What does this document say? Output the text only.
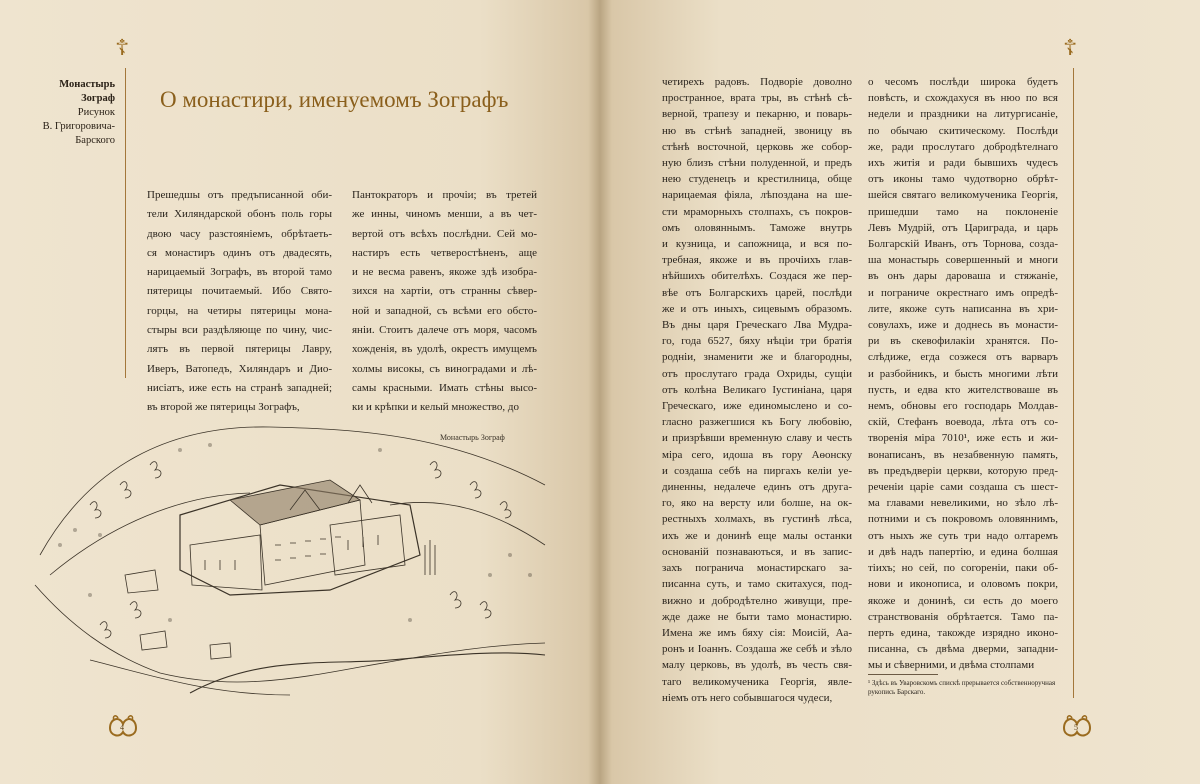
☦
Монастырь
Зограф
Рисунок
В. Григоровича-
Барского
О монастири, именуемомъ Зографъ
Прешедшы отъ предъписанной оби-
тели Хиляндарской обонъ поль горы
двою часу разстоянiемъ, обрѣтаеть-
ся монастиръ одинъ отъ двадесять,
нарицаемый Зографъ, въ второй тамо
пятерицы почитаемый. Ибо Свято-
горцы, на четиры пятерицы мона-
стыры вси раздѣляюще по чину, чис-
лятъ въ первой пятерицы Лавру,
Иверъ, Ватопедъ, Хиляндаръ и Дио-
нисiатъ, иже есть на странѣ западней;
въ второй же пятерицы Зографъ,
Пантократоръ и прочiи; въ третей
же инны, чиномъ менши, а въ чет-
вертой отъ всѣхъ послѣдни. Сей мо-
настиръ есть четверостѣненъ, аще
и не весма равенъ, якоже здѣ изобра-
зихся на хартiи, отъ странны сѣвер-
ной и западной, съ всѣми его обсто-
янiи. Стоитъ далече отъ моря, часомъ
хожденiя, въ удолѣ, окрестъ имущемъ
холмы високы, съ виноградами и лѣ-
самы красными. Имать стѣны высо-
ки и крѣпки и келый множество, до
Монастырь Зограф
4
☦
четирехъ радовъ. Подворiе доволно
пространное, врата тры, въ стѣнѣ сѣ-
верной, трапезу и пекарню, и поварь-
ню въ стѣнѣ западней, звоницу въ
стѣнѣ восточной, церковь же собор-
ную близъ стѣни полуденной, и предъ
нею студенецъ и крестилница, обще
нарицаемая фiяла, лѣпоздана на ше-
сти мраморныхъ столпахъ, съ покров-
омъ оловяннымъ. Таможе внутрь
и кузница, и сапожница, и вся по-
требная, якоже и въ прочiихъ глав-
нѣйшихъ обителѣхъ. Создася же пер-
вѣе отъ Болгарскихъ царей, послѣди
же и отъ иныхъ, сицевымъ образомъ.
Въ дны царя Греческаго Лва Мудра-
го, года 6527, бяху нѣцiи три братiя
роднiи, знаменити же и благородны,
отъ прослутаго града Охриды, сущiи
отъ колѣна Великаго Iустинiана, царя
Греческаго, иже единомыслено и со-
гласно разжегшися къ Богу любовiю,
и призрѣвши временную славу и честь
мiра сего, идоша въ гору Аѳонску
и создаша себѣ на пиргахъ келiи уе-
диненны, недалече единъ отъ друга-
го, яко на версту или болше, на ок-
рестныхъ холмахъ, въ густинѣ лѣса,
ихъ же и донинѣ еще малы останки
основанiй познаваються, и въ запис-
захъ погранича монастирскаго за-
писанна суть, и тамо скитахуся, под-
вижно и добродѣтелно живущи, пре-
жде даже не быти тамо монастирю.
Имена же имъ бяху сiя: Моисiй, Аа-
ронъ и Iоаннъ. Создаша же себѣ и зѣло
малу церковь, въ удолѣ, въ честь свя-
таго великомученика Георгiя, явле-
нiемъ отъ него собывшагося чудеси,
о чесомъ послѣди широка будетъ
повѣсть, и схождахуся въ нюо по вся
недели и праздники на литургисанiе,
по обычаю скитическому. Послѣди
же, ради прослутаго добродѣтелнаго
ихъ житiя и ради бывшихъ чудесъ
отъ иконы тамо чудотворно обрѣт-
шейся святаго великомученика Георгiя,
пришедши тамо на поклоненiе
Левъ Мудрiй, отъ Цариграда, и царь
Болгарскiй Иванъ, отъ Торнова, созда-
ша монастырь совершенный и многи
въ онъ дары дароваша и стяжанiе,
и пограниче окрестнаго имъ опредѣ-
лите, якоже суть написанна въ хри-
совулахъ, иже и доднесь въ монасти-
ри въ скевофилакiи хранятся. По-
слѣдиже, егда соэжеся отъ варваръ
и разбойникъ, и бысть многими лѣти
пусть, и едва кто жителствоваше въ
немъ, обновы его господарь Молдав-
скiй, Стефанъ воевода, лѣта отъ со-
творенiя мiра 7010¹, иже есть и жи-
вонаписанъ, въ незабвенную память,
въ предъдверiи церкви, которую пред-
реченiи царiе сами создаша съ шест-
ма главами невеликими, но зѣло лѣ-
потними и съ покровомъ оловяннимъ,
отъ ныхъ же суть три надо олтаремъ
и двѣ надъ папертiю, и едина болшая
тiихъ; но сей, по согоренiи, паки об-
нови и иконописа, и оловомъ покри,
якоже и донинѣ, си есть до моего
странствованiя обрѣтается. Тамо па-
перть едина, такожде изрядно иконо-
писанна, съ двѣма дверми, западни-
мы и сѣверними, и двѣма столпами
¹ Здѣсь въ Уваровскомъ спискѣ прерывается собственноручная рукопись Барскаго.
5
